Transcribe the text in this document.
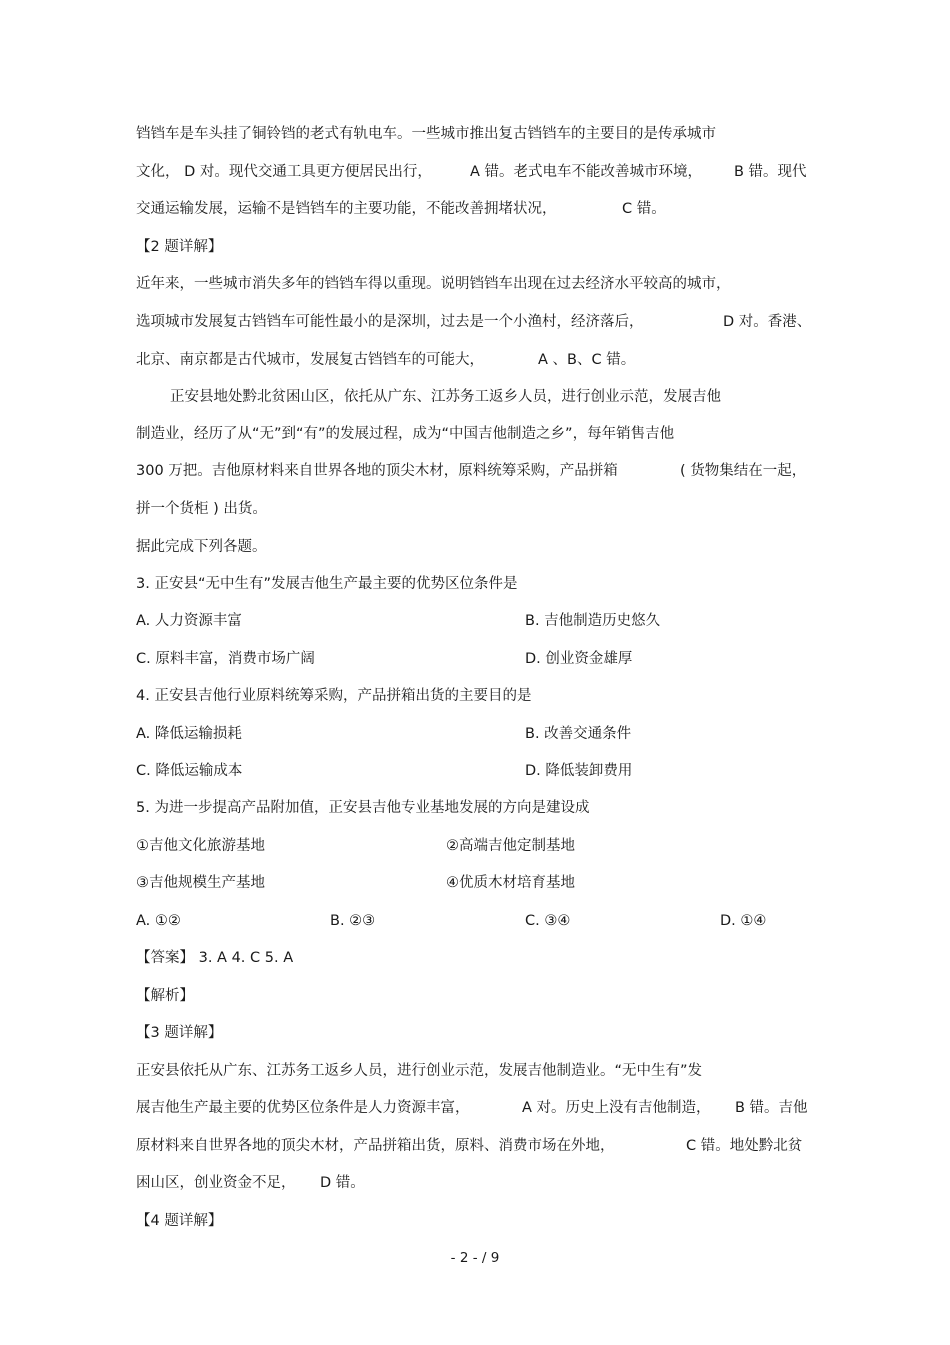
铛铛车是车头挂了铜铃铛的老式有轨电车。一些城市推出复古铛铛车的主要目的是传承城市
文化， D 对。现代交通工具更方便居民出行，	A 错。老式电车不能改善城市环境， B 错。现代
交通运输发展，运输不是铛铛车的主要功能，不能改善拥堵状况，	C 错。
【2 题详解】
近年来，一些城市消失多年的铛铛车得以重现。说明铛铛车出现在过去经济水平较高的城市，
选项城市发展复古铛铛车可能性最小的是深圳，过去是一个小渔村，经济落后，	D 对。香港、
北京、南京都是古代城市，发展复古铛铛车的可能大，	A 、B、C 错。
正安县地处黔北贫困山区，依托从广东、江苏务工返乡人员，进行创业示范，发展吉他
制造业，经历了从“无”到“有”的发展过程，成为“中国吉他制造之乡”，每年销售吉他
300 万把。吉他原材料来自世界各地的顶尖木材，原料统筹采购，产品拼箱	( 货物集结在一起，
拼一个货柜 ) 出货。
据此完成下列各题。
3. 正安县“无中生有”发展吉他生产最主要的优势区位条件是
A. 人力资源丰富	B. 吉他制造历史悠久
C. 原料丰富，消费市场广阔	D. 创业资金雄厚
4. 正安县吉他行业原料统筹采购，产品拼箱出货的主要目的是
A. 降低运输损耗	B. 改善交通条件
C. 降低运输成本	D. 降低装卸费用
5. 为进一步提高产品附加值，正安县吉他专业基地发展的方向是建设成
①吉他文化旅游基地	②高端吉他定制基地
③吉他规模生产基地	④优质木材培育基地
A. ①②	B. ②③	C. ③④	D. ①④
【答案】 3. A 4. C 5. A
【解析】
【3 题详解】
正安县依托从广东、江苏务工返乡人员，进行创业示范，发展吉他制造业。“无中生有”发
展吉他生产最主要的优势区位条件是人力资源丰富，	A 对。历史上没有吉他制造， B 错。吉他
原材料来自世界各地的顶尖木材，产品拼箱出货，原料、消费市场在外地，	C 错。地处黔北贫
困山区，创业资金不足， D 错。
【4 题详解】
- 2 - / 9
